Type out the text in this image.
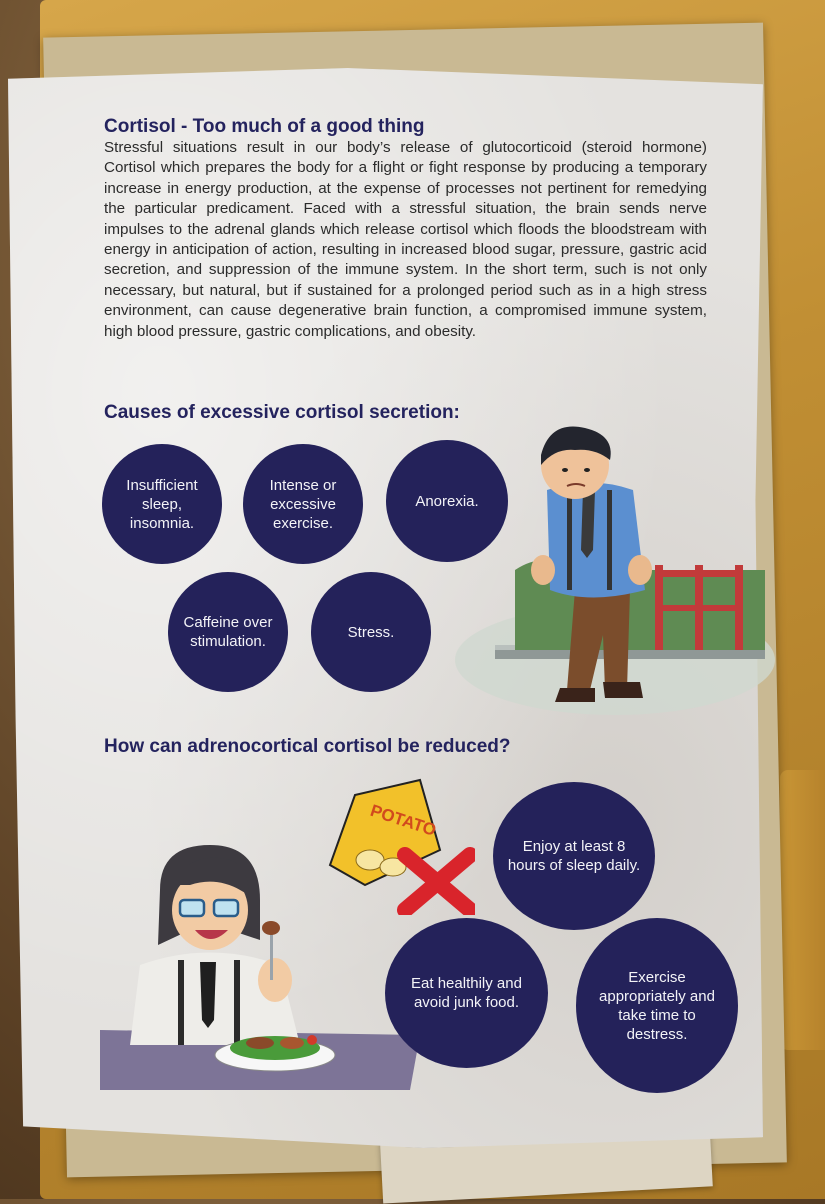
Cortisol - Too much of a good thing

Stressful situations result in our body’s release of glutocorticoid (steroid hormone) Cortisol which prepares the body for a flight or fight response by producing a temporary increase in energy production, at the expense of processes not pertinent for remedying the particular predicament. Faced with a stressful situation, the brain sends nerve impulses to the adrenal glands which release cortisol which floods the bloodstream with energy in anticipation of action, resulting in increased blood sugar, pressure, gastric acid secretion, and suppression of the immune system. In the short term, such is not only necessary, but natural, but if sustained for a prolonged period such as in a high stress environment, can cause degenerative brain function, a compromised immune system, high blood pressure, gastric complications, and obesity.

Causes of excessive cortisol secretion:
Insufficient sleep, insomnia.
Intense or excessive exercise.
Anorexia.
Caffeine over stimulation.
Stress.
How can adrenocortical cortisol be reduced?
POTATO
Enjoy at least 8 hours of sleep daily.
Eat healthily and avoid junk food.
Exercise appropriately and take time to destress.
